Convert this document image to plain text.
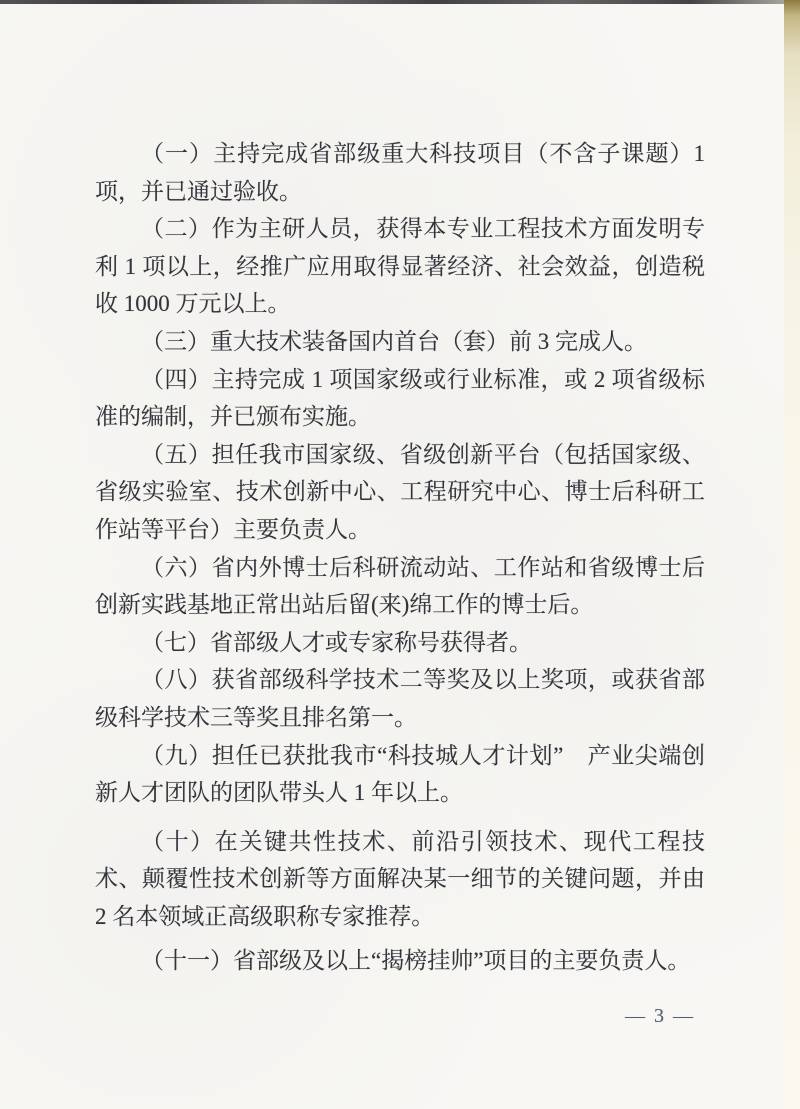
（一）主持完成省部级重大科技项目（不含子课题）1 项，并已通过验收。

（二）作为主研人员，获得本专业工程技术方面发明专利 1 项以上，经推广应用取得显著经济、社会效益，创造税收 1000 万元以上。

（三）重大技术装备国内首台（套）前 3 完成人。

（四）主持完成 1 项国家级或行业标准，或 2 项省级标准的编制，并已颁布实施。

（五）担任我市国家级、省级创新平台（包括国家级、省级实验室、技术创新中心、工程研究中心、博士后科研工作站等平台）主要负责人。

（六）省内外博士后科研流动站、工作站和省级博士后创新实践基地正常出站后留(来)绵工作的博士后。

（七）省部级人才或专家称号获得者。

（八）获省部级科学技术二等奖及以上奖项，或获省部级科学技术三等奖且排名第一。

（九）担任已获批我市“科技城人才计划”　产业尖端创新人才团队的团队带头人 1 年以上。

（十）在关键共性技术、前沿引领技术、现代工程技术、颠覆性技术创新等方面解决某一细节的关键问题，并由 2 名本领域正高级职称专家推荐。

（十一）省部级及以上“揭榜挂帅”项目的主要负责人。

— 3 —
